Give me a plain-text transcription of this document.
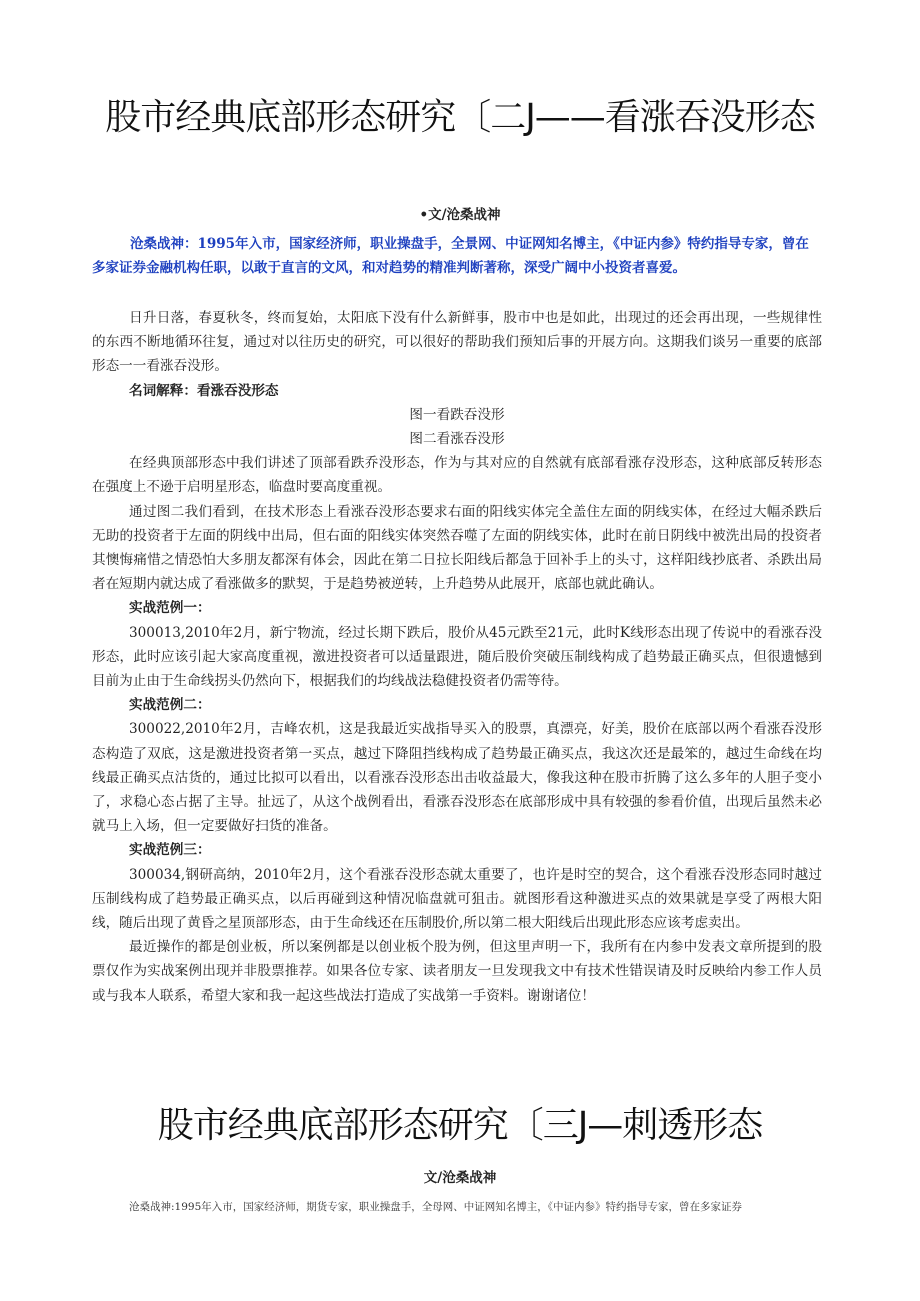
股市经典底部形态研究〔二J——看涨吞没形态
•文/沧桑战神

沧桑战神：1995年入市，国家经济师，职业操盘手，全景网、中证网知名博主，《中证内参》特约指导专家，曾在多家证券金融机构任职，以敢于直言的文风，和对趋势的精准判断著称，深受广阔中小投资者喜爱。

日升日落，春夏秋冬，终而复始，太阳底下没有什么新鲜事，股市中也是如此，出现过的还会再出现，一些规律性的东西不断地循环往复，通过对以往历史的研究，可以很好的帮助我们预知后事的开展方向。这期我们谈另一重要的底部形态一一看涨吞没形。

名词解释：看涨吞没形态

图一看跌吞没形

图二看涨吞没形

在经典顶部形态中我们讲述了顶部看跌乔没形态，作为与其对应的自然就有底部看涨存没形态，这种底部反转形态在强度上不逊于启明星形态，临盘时要高度重视。

通过图二我们看到，在技术形态上看涨吞没形态要求右面的阳线实体完全盖住左面的阴线实体，在经过大幅杀跌后无助的投资者于左面的阴线中出局，但右面的阳线实体突然吞噬了左面的阴线实体，此时在前日阴线中被洗出局的投资者其懊悔痛惜之情恐怕大多朋友都深有体会，因此在第二日拉长阳线后都急于回补手上的头寸，这样阳线抄底者、杀跌出局者在短期内就达成了看涨做多的默契，于是趋势被逆转，上升趋势从此展开，底部也就此确认。

实战范例一：

300013,2010年2月，新宁物流，经过长期下跌后，股价从45元跌至21元，此时K线形态出现了传说中的看涨吞没形态，此时应该引起大家高度重视，激进投资者可以适量跟进，随后股价突破压制线构成了趋势最正确买点，但很遗憾到目前为止由于生命线拐头仍然向下，根据我们的均线战法稳健投资者仍需等待。

实战范例二：

300022,2010年2月，吉峰农机，这是我最近实战指导买入的股票，真漂亮，好美，股价在底部以两个看涨吞没形态构造了双底，这是激进投资者第一买点，越过下降阻挡线构成了趋势最正确买点，我这次还是最笨的，越过生命线在均线最正确买点沽货的，通过比拟可以看出，以看涨吞没形态出击收益最大，像我这种在股市折腾了这么多年的人胆子变小了，求稳心态占据了主导。扯远了，从这个战例看出，看涨吞没形态在底部形成中具有较强的参看价值，出现后虽然未必就马上入场，但一定要做好扫货的准备。

实战范例三：

300034,钢研高纳，2010年2月，这个看涨吞没形态就太重要了，也许是时空的契合，这个看涨吞没形态同时越过压制线构成了趋势最正确买点，以后再碰到这种情况临盘就可狙击。就图形看这种激进买点的效果就是享受了两根大阳线，随后出现了黄昏之星顶部形态，由于生命线还在压制股价,所以第二根大阳线后出现此形态应该考虑卖出。

最近操作的都是创业板，所以案例都是以创业板个股为例，但这里声明一下，我所有在内参中发表文章所提到的股票仅作为实战案例出现并非股票推荐。如果各位专家、读者朋友一旦发现我文中有技术性错误请及时反映给内参工作人员或与我本人联系，希望大家和我一起这些战法打造成了实战第一手资料。谢谢诸位！

股市经典底部形态研究〔三J—刺透形态
文/沧桑战神

沧桑战神:1995年入市，国家经济师，期货专家，职业操盘手，全母网、中证网知名博主，《中证内参》特约指导专家，曾在多家证券
